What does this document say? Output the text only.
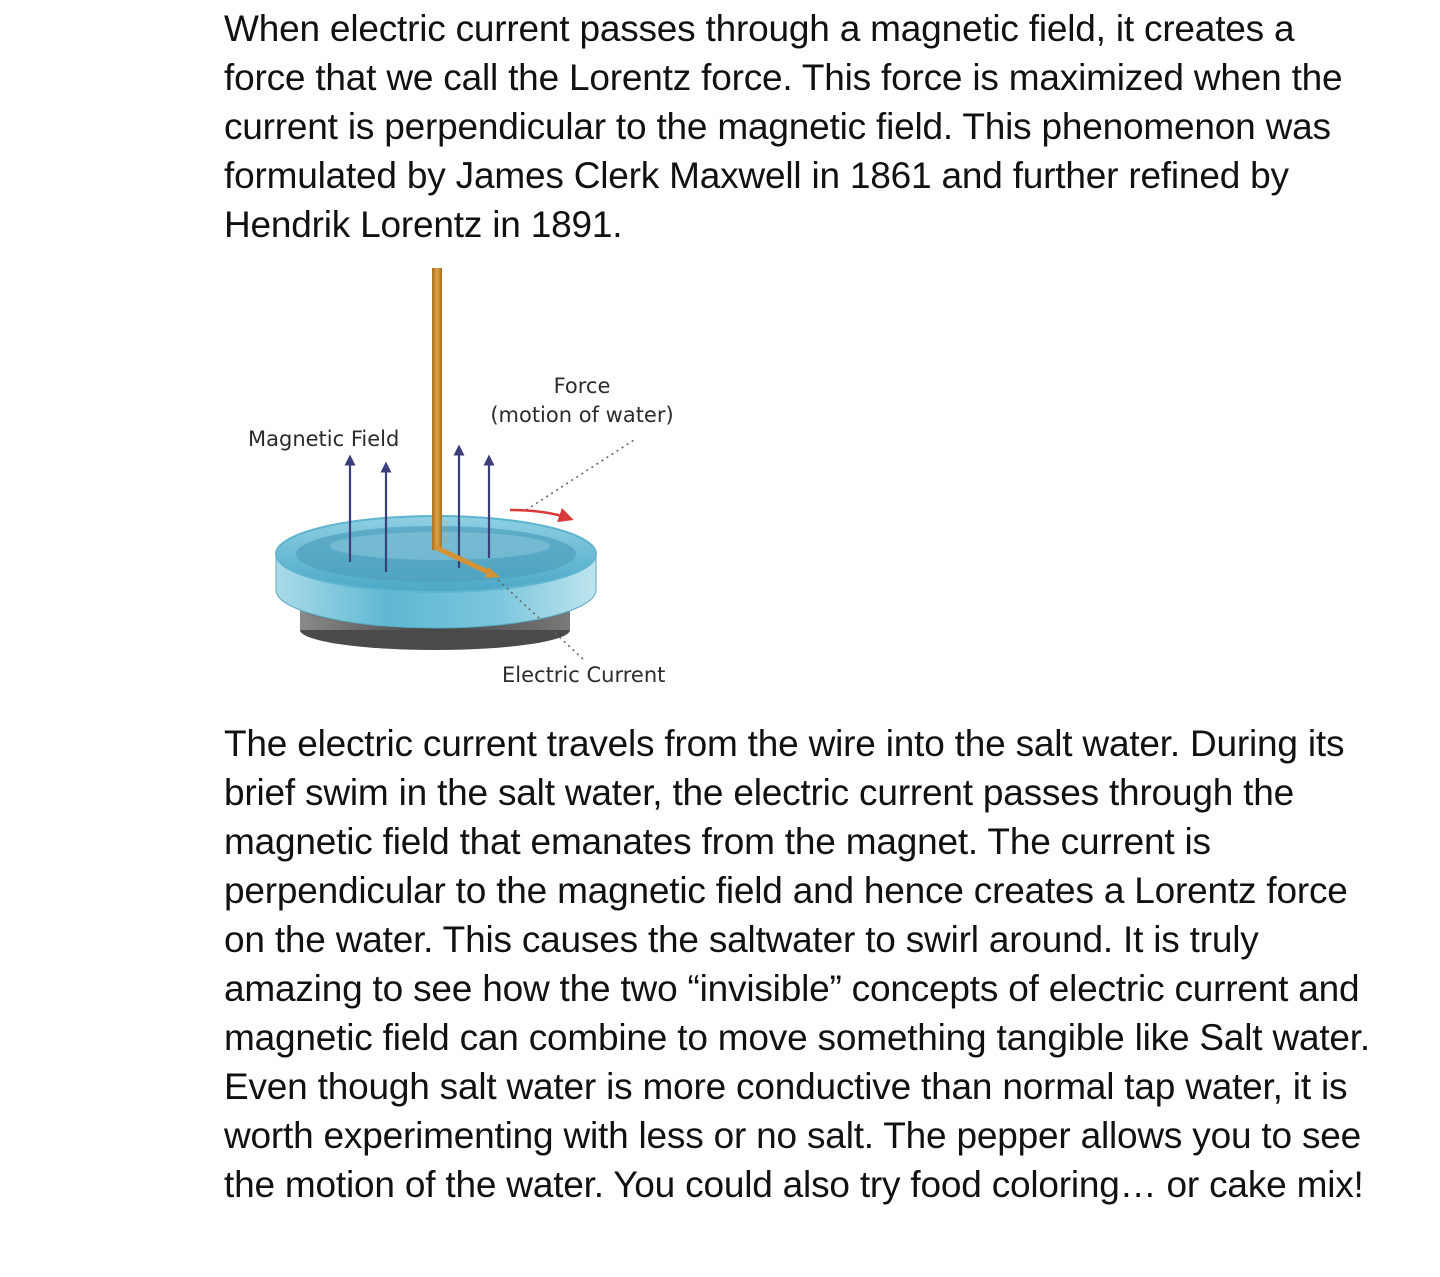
When electric current passes through a magnetic field, it creates a force that we call the Lorentz force. This force is maximized when the current is perpendicular to the magnetic field. This phenomenon was formulated by James Clerk Maxwell in 1861 and further refined by Hendrik Lorentz in 1891.

Force
(motion of water)
Magnetic Field
Electric Current

The electric current travels from the wire into the salt water. During its brief swim in the salt water, the electric current passes through the magnetic field that emanates from the magnet. The current is perpendicular to the magnetic field and hence creates a Lorentz force on the water. This causes the saltwater to swirl around. It is truly amazing to see how the two “invisible” concepts of electric current and magnetic field can combine to move something tangible like Salt water. Even though salt water is more conductive than normal tap water, it is worth experimenting with less or no salt. The pepper allows you to see the motion of the water. You could also try food coloring… or cake mix!
